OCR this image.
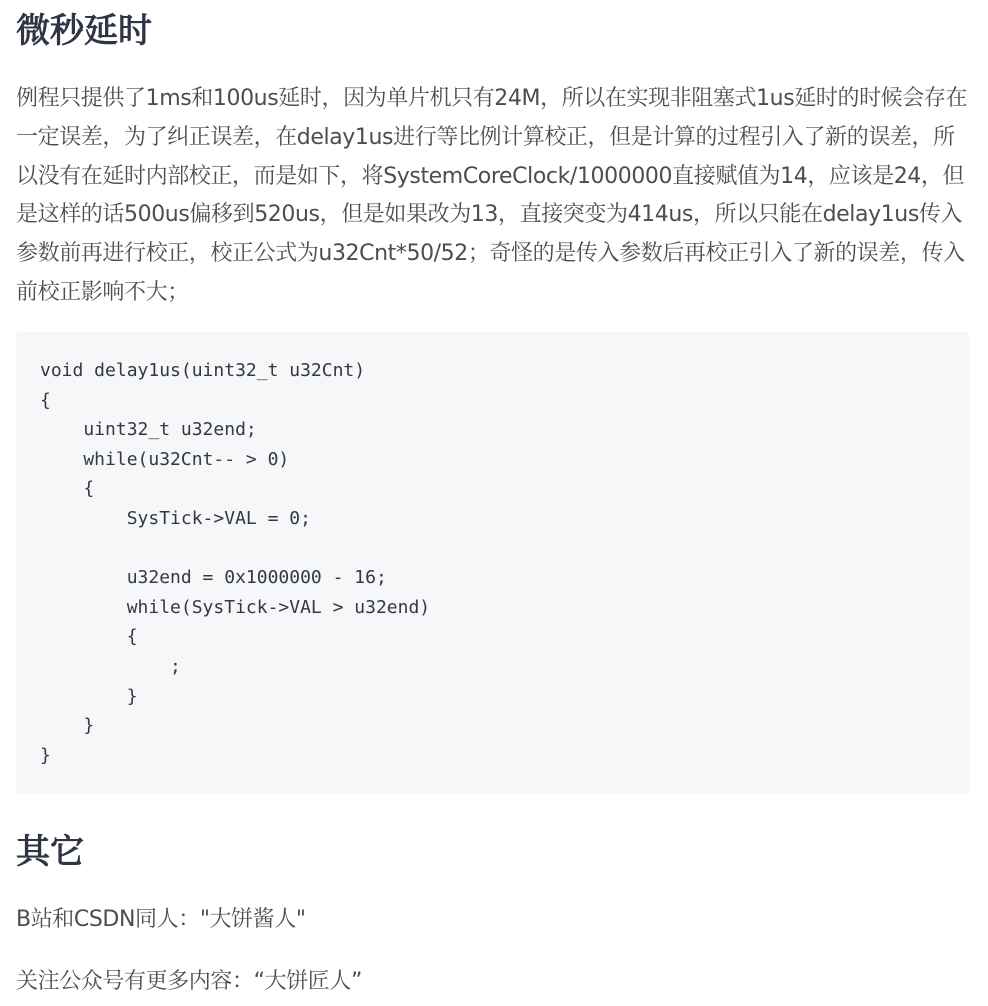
微秒延时

例程只提供了1ms和100us延时，因为单片机只有24M，所以在实现非阻塞式1us延时的时候会存在一定误差，为了纠正误差，在delay1us进行等比例计算校正，但是计算的过程引入了新的误差，所以没有在延时内部校正，而是如下，将SystemCoreClock/1000000直接赋值为14，应该是24，但是这样的话500us偏移到520us，但是如果改为13，直接突变为414us，所以只能在delay1us传入参数前再进行校正，校正公式为u32Cnt*50/52；奇怪的是传入参数后再校正引入了新的误差，传入前校正影响不大；

void delay1us(uint32_t u32Cnt)
{
uint32_t u32end;
while(u32Cnt-- > 0)
{
SysTick->VAL = 0;

u32end = 0x1000000 - 16;
while(SysTick->VAL > u32end)
{
;
}
}
}
其它

B站和CSDN同人："大饼酱人"

关注公众号有更多内容：“大饼匠人”
